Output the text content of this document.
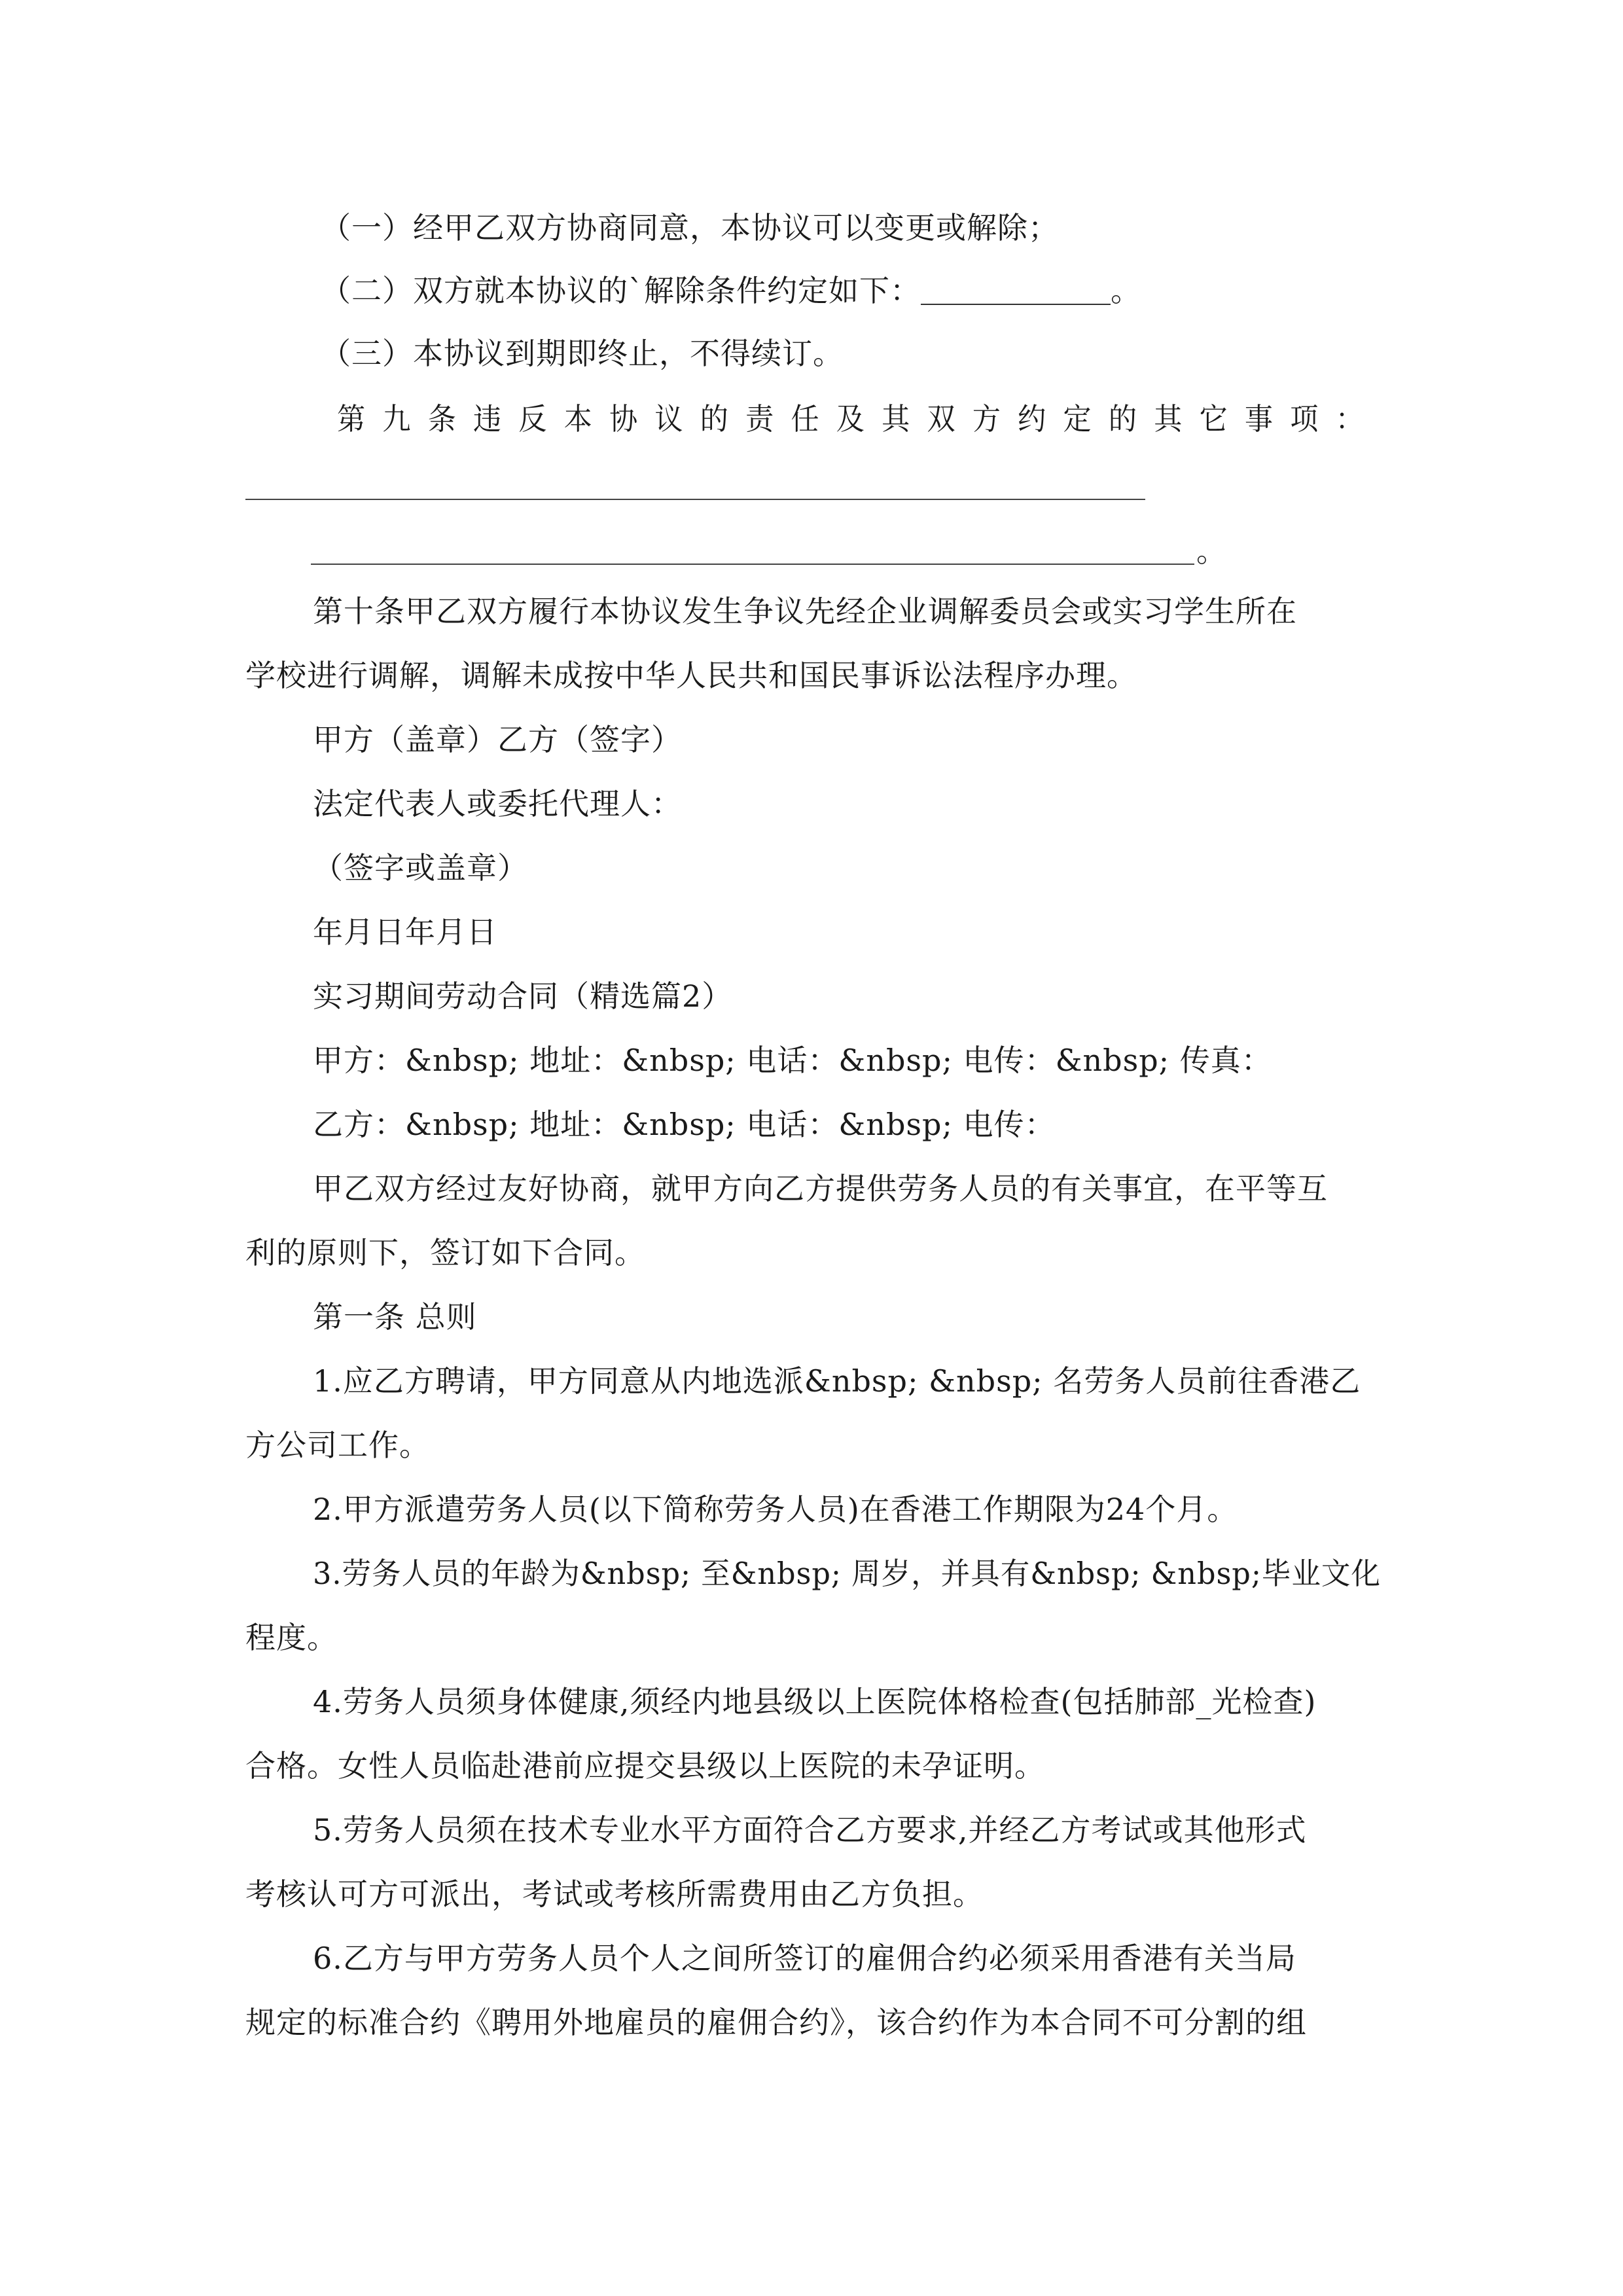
（一）经甲乙双方协商同意，本协议可以变更或解除；
（二）双方就本协议的`解除条件约定如下：	。
（三）本协议到期即终止，不得续订。
第九条违反本协议的责任及其双方约定的其它事项：
。
第十条甲乙双方履行本协议发生争议先经企业调解委员会或实习学生所在
学校进行调解，调解未成按中华人民共和国民事诉讼法程序办理。
甲方（盖章）乙方（签字）
法定代表人或委托代理人：
（签字或盖章）
年月日年月日
实习期间劳动合同（精选篇2）
甲方：&nbsp; 地址：&nbsp; 电话：&nbsp; 电传：&nbsp; 传真：
乙方：&nbsp; 地址：&nbsp; 电话：&nbsp; 电传：
甲乙双方经过友好协商，就甲方向乙方提供劳务人员的有关事宜，在平等互
利的原则下，签订如下合同。
第一条 总则
1.应乙方聘请，甲方同意从内地选派&nbsp; &nbsp; 名劳务人员前往香港乙
方公司工作。
2.甲方派遣劳务人员(以下简称劳务人员)在香港工作期限为24个月。
3.劳务人员的年龄为&nbsp; 至&nbsp; 周岁，并具有&nbsp; &nbsp;毕业文化
程度。
4.劳务人员须身体健康,须经内地县级以上医院体格检查(包括肺部_光检查)
合格。女性人员临赴港前应提交县级以上医院的未孕证明。
5.劳务人员须在技术专业水平方面符合乙方要求,并经乙方考试或其他形式
考核认可方可派出，考试或考核所需费用由乙方负担。
6.乙方与甲方劳务人员个人之间所签订的雇佣合约必须采用香港有关当局
规定的标准合约《聘用外地雇员的雇佣合约》，该合约作为本合同不可分割的组
